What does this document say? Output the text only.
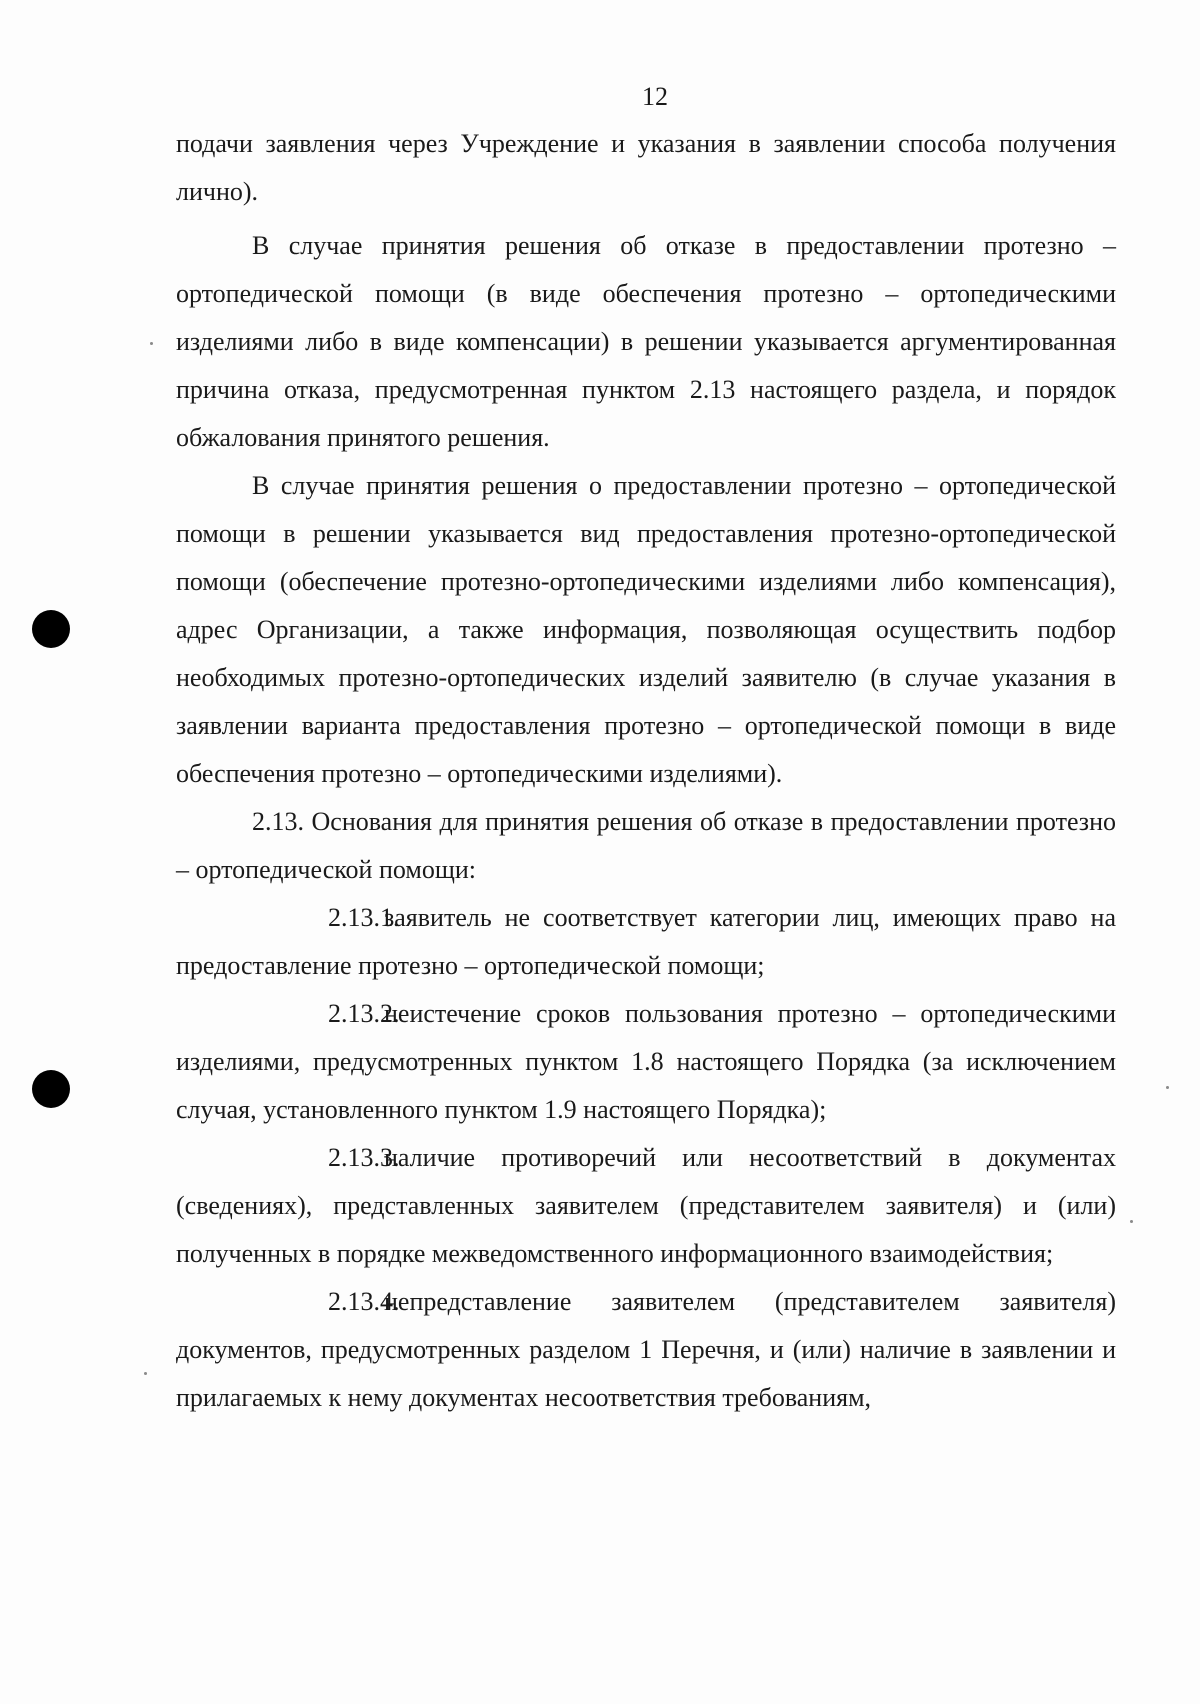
12

подачи заявления через Учреждение и указания в заявлении способа получения лично).

В случае принятия решения об отказе в предоставлении протезно – ортопедической помощи (в виде обеспечения протезно – ортопедическими изделиями либо в виде компенсации) в решении указывается аргументированная причина отказа, предусмотренная пунктом 2.13 настоящего раздела, и порядок обжалования принятого решения.

В случае принятия решения о предоставлении протезно – ортопедической помощи в решении указывается вид предоставления протезно-ортопедической помощи (обеспечение протезно-ортопедическими изделиями либо компенсация), адрес Организации, а также информация, позволяющая осуществить подбор необходимых протезно-ортопедических изделий заявителю (в случае указания в заявлении варианта предоставления протезно – ортопедической помощи в виде обеспечения протезно – ортопедическими изделиями).

2.13. Основания для принятия решения об отказе в предоставлении протезно – ортопедической помощи:

2.13.1.заявитель не соответствует категории лиц, имеющих право на предоставление протезно – ортопедической помощи;

2.13.2.неистечение сроков пользования протезно – ортопедическими изделиями, предусмотренных пунктом 1.8 настоящего Порядка (за исключением случая, установленного пунктом 1.9 настоящего Порядка);

2.13.3.наличие противоречий или несоответствий в документах (сведениях), представленных заявителем (представителем заявителя) и (или) полученных в порядке межведомственного информационного взаимодействия;

2.13.4.непредставление заявителем (представителем заявителя) документов, предусмотренных разделом 1 Перечня, и (или) наличие в заявлении и прилагаемых к нему документах несоответствия требованиям,
